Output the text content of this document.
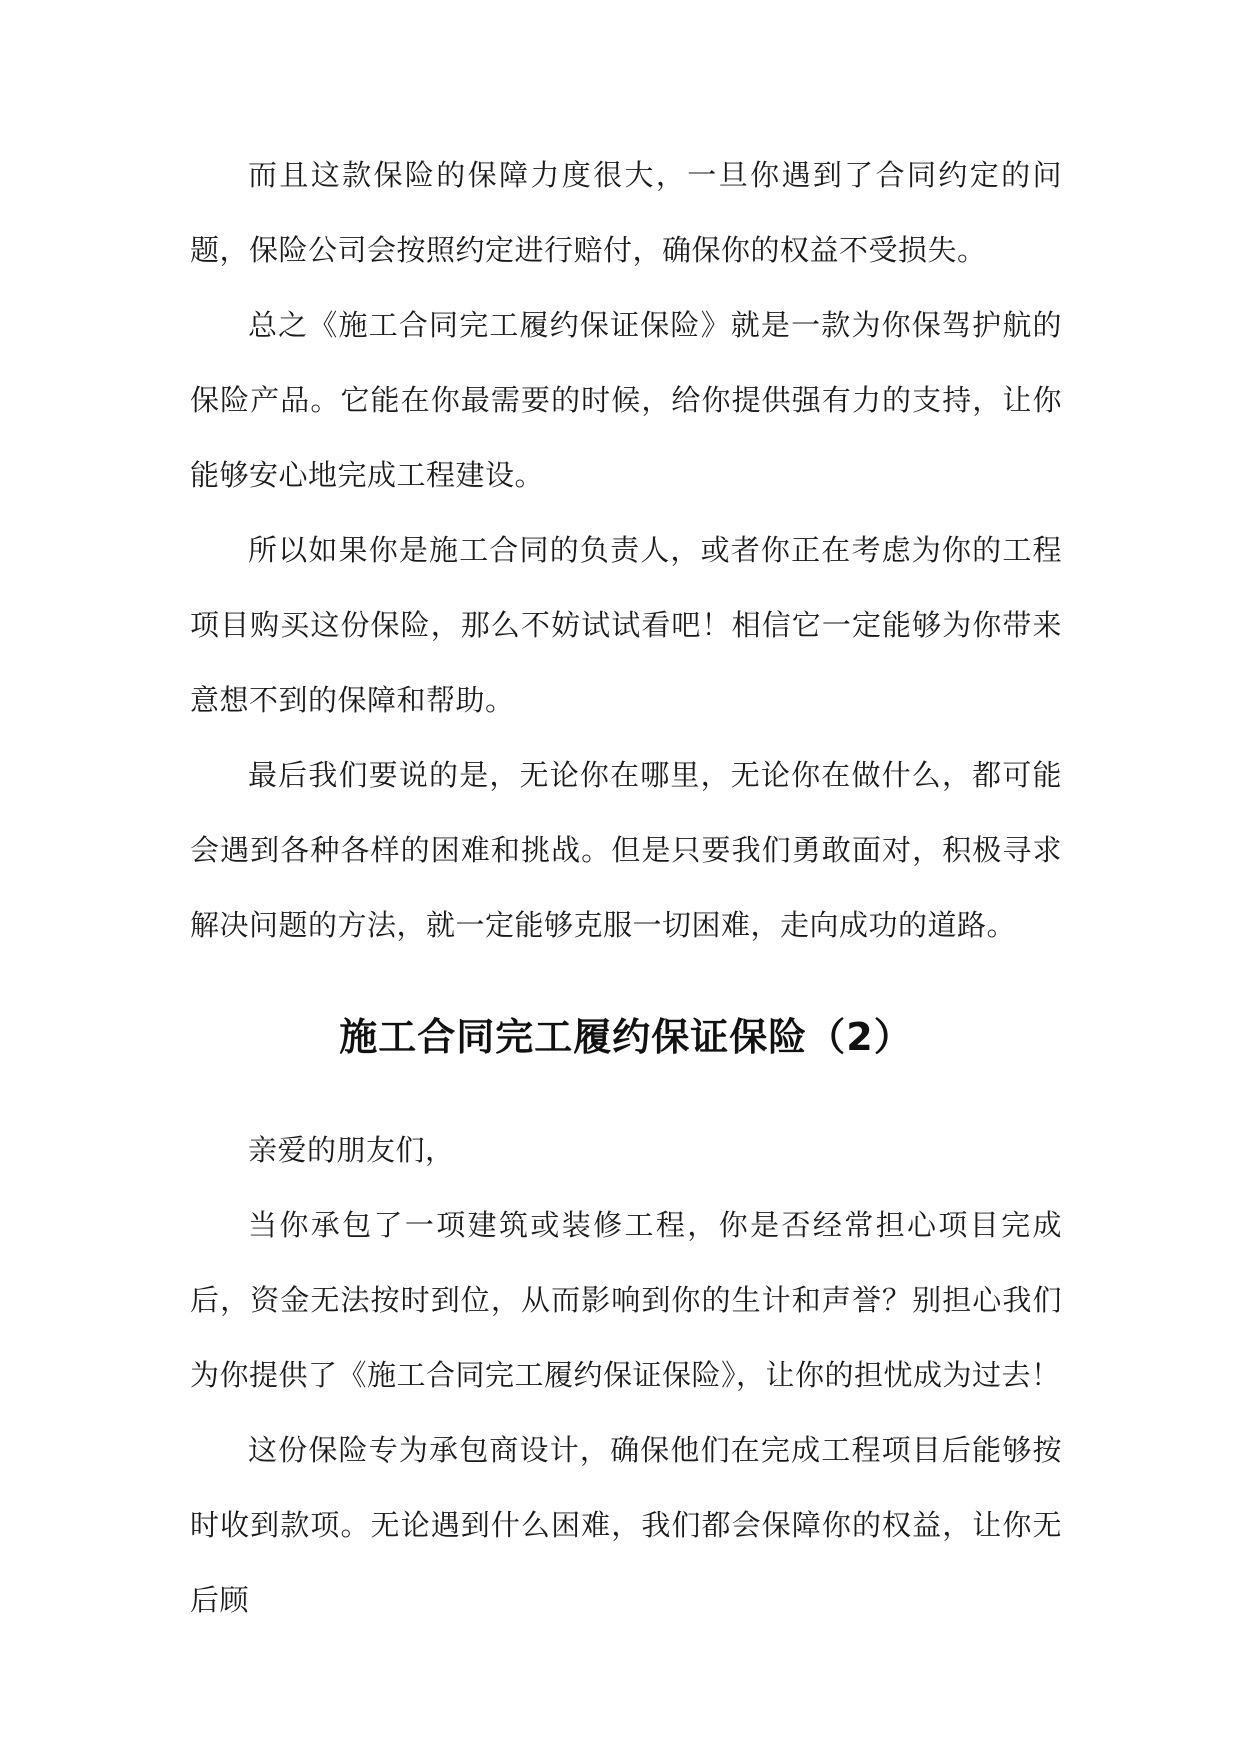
而且这款保险的保障力度很大，一旦你遇到了合同约定的问题，保险公司会按照约定进行赔付，确保你的权益不受损失。

总之《施工合同完工履约保证保险》就是一款为你保驾护航的保险产品。它能在你最需要的时候，给你提供强有力的支持，让你能够安心地完成工程建设。

所以如果你是施工合同的负责人，或者你正在考虑为你的工程项目购买这份保险，那么不妨试试看吧！相信它一定能够为你带来意想不到的保障和帮助。

最后我们要说的是，无论你在哪里，无论你在做什么，都可能会遇到各种各样的困难和挑战。但是只要我们勇敢面对，积极寻求解决问题的方法，就一定能够克服一切困难，走向成功的道路。

施工合同完工履约保证保险（2）

亲爱的朋友们，

当你承包了一项建筑或装修工程，你是否经常担心项目完成后，资金无法按时到位，从而影响到你的生计和声誉？别担心我们为你提供了《施工合同完工履约保证保险》，让你的担忧成为过去！

这份保险专为承包商设计，确保他们在完成工程项目后能够按时收到款项。无论遇到什么困难，我们都会保障你的权益，让你无后顾
